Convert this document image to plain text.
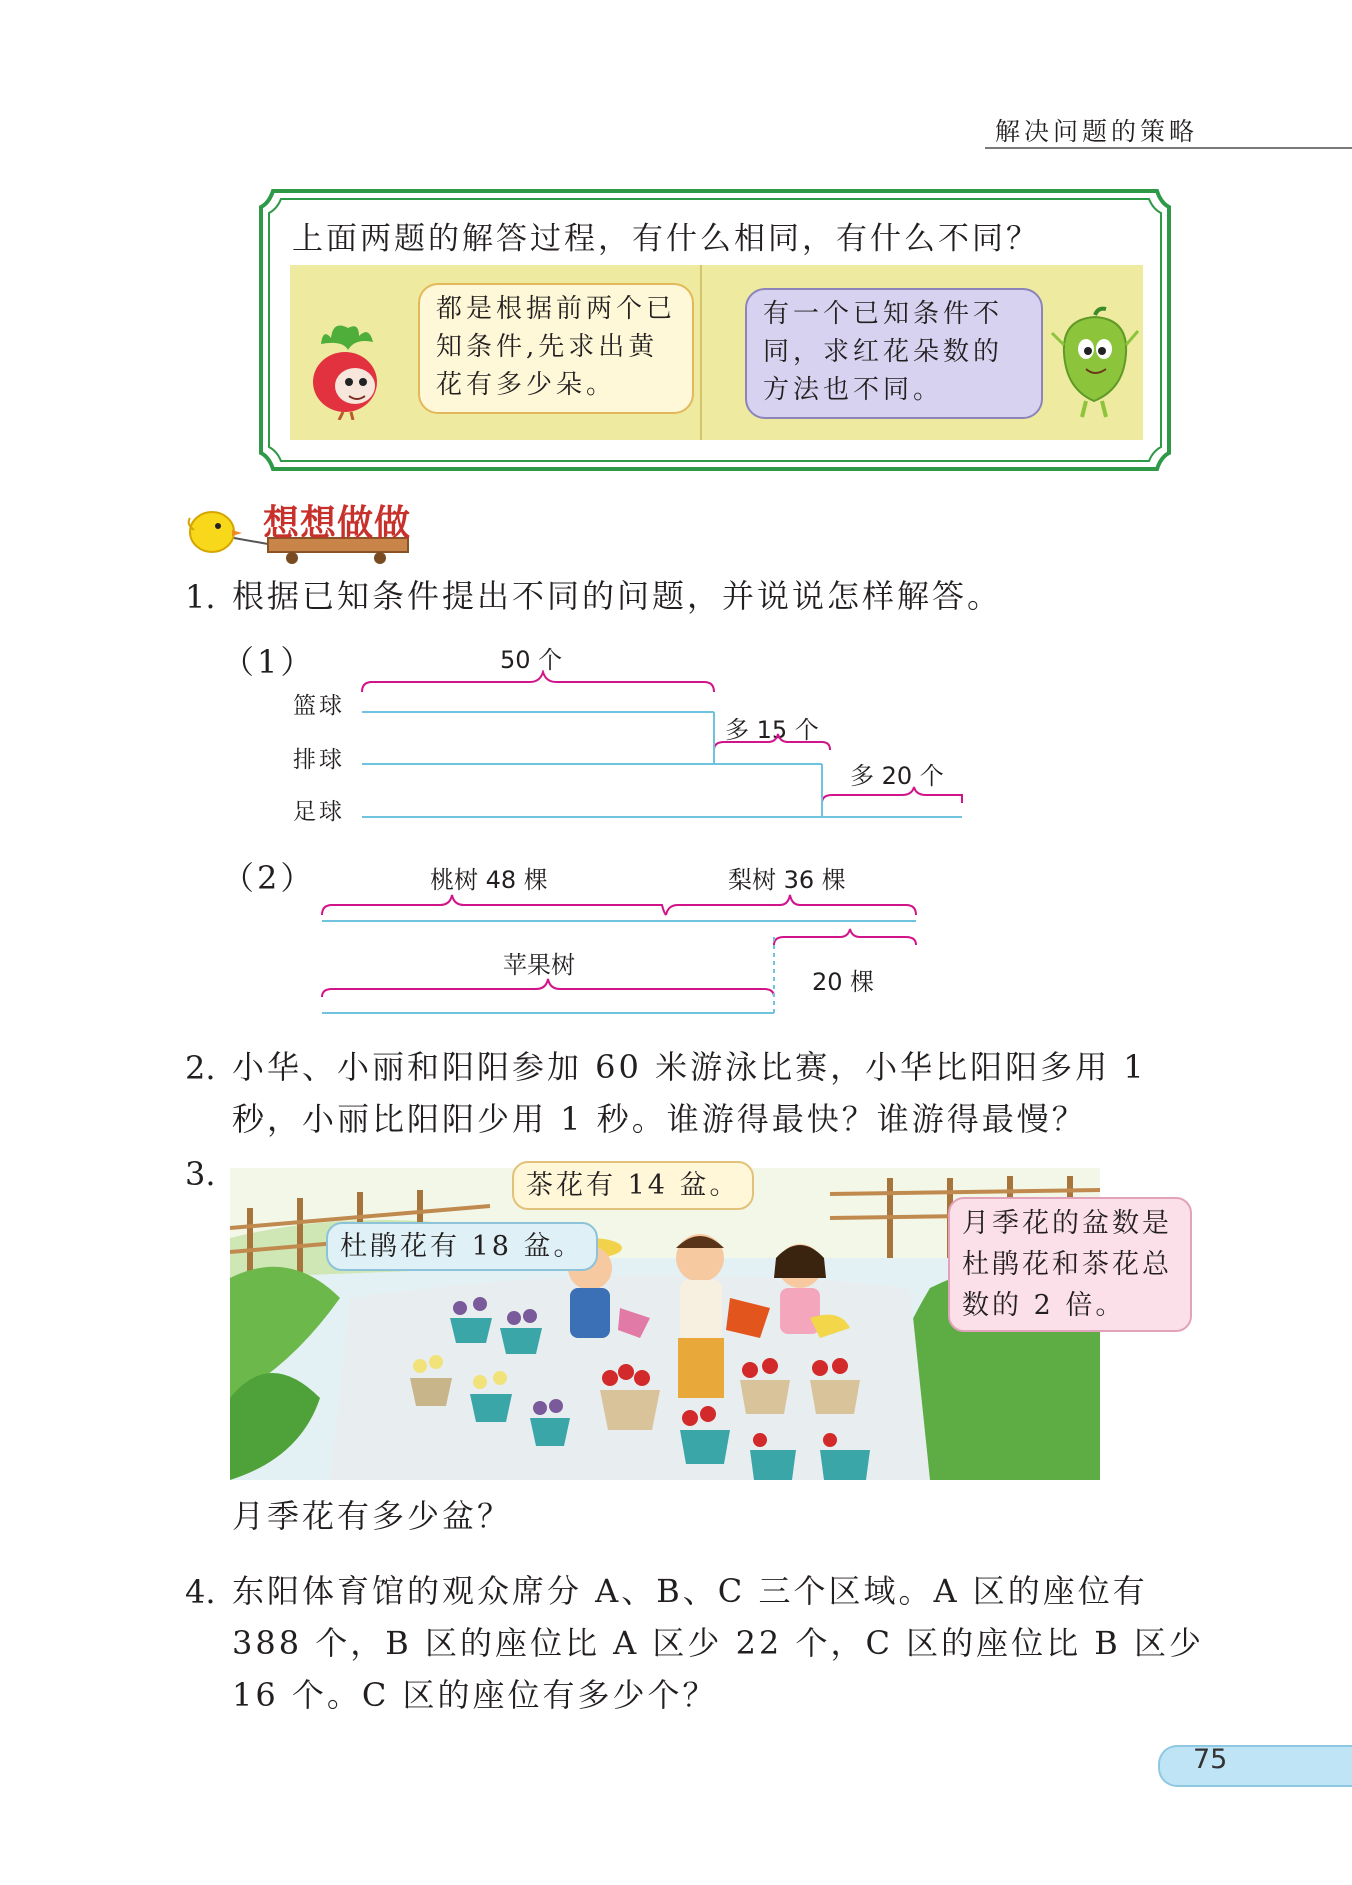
解决问题的策略
上面两题的解答过程，有什么相同，有什么不同？
都是根据前两个已知条件,先求出黄花有多少朵。
有一个已知条件不同，求红花朵数的方法也不同。
想想做做
1. 根据已知条件提出不同的问题，并说说怎样解答。
（1）	50 个
篮球
排球
足球
多 15 个
多 20 个
（2）	桃树 48 棵	梨树 36 棵
苹果树
20 棵
2. 小华、小丽和阳阳参加 60 米游泳比赛，小华比阳阳多用 1
秒，小丽比阳阳少用 1 秒。谁游得最快？谁游得最慢？
3.	茶花有 14 盆。
杜鹃花有 18 盆。
月季花的盆数是杜鹃花和茶花总数的 2 倍。
月季花有多少盆？
4. 东阳体育馆的观众席分 A、B、C 三个区域。A 区的座位有
388 个，B 区的座位比 A 区少 22 个，C 区的座位比 B 区少
16 个。C 区的座位有多少个？
75
